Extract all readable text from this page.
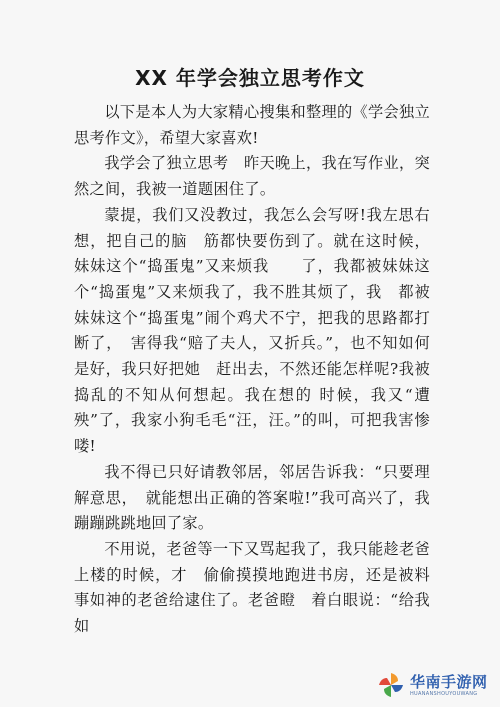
XX 年学会独立思考作文

以下是本人为大家精心搜集和整理的《学会独立思考作文》，希望大家喜欢!

我学会了独立思考　昨天晚上，我在写作业，突然之间，我被一道题困住了。

蒙提，我们又没教过，我怎么会写呀!我左思右想，把自己的脑　筋都快要伤到了。就在这时候，妹妹这个“捣蛋鬼”又来烦我　　了，我都被妹妹这个“捣蛋鬼”又来烦我了，我不胜其烦了，我　都被妹妹这个“捣蛋鬼”闹个鸡犬不宁，把我的思路都打断了，　害得我“赔了夫人，又折兵。”，也不知如何是好，我只好把她　赶出去，不然还能怎样呢?我被捣乱的不知从何想起。我在想的 时候，我又“遭殃”了，我家小狗毛毛“汪，汪。”的叫，可把我害惨喽!

我不得已只好请教邻居，邻居告诉我：“只要理解意思，　就能想出正确的答案啦!”我可高兴了，我蹦蹦跳跳地回了家。

不用说，老爸等一下又骂起我了，我只能趁老爸上楼的时候，才　偷偷摸摸地跑进书房，还是被料事如神的老爸给逮住了。老爸瞪　着白眼说：“给我如

华南手游网
HUANANSHOUYOUWANG
